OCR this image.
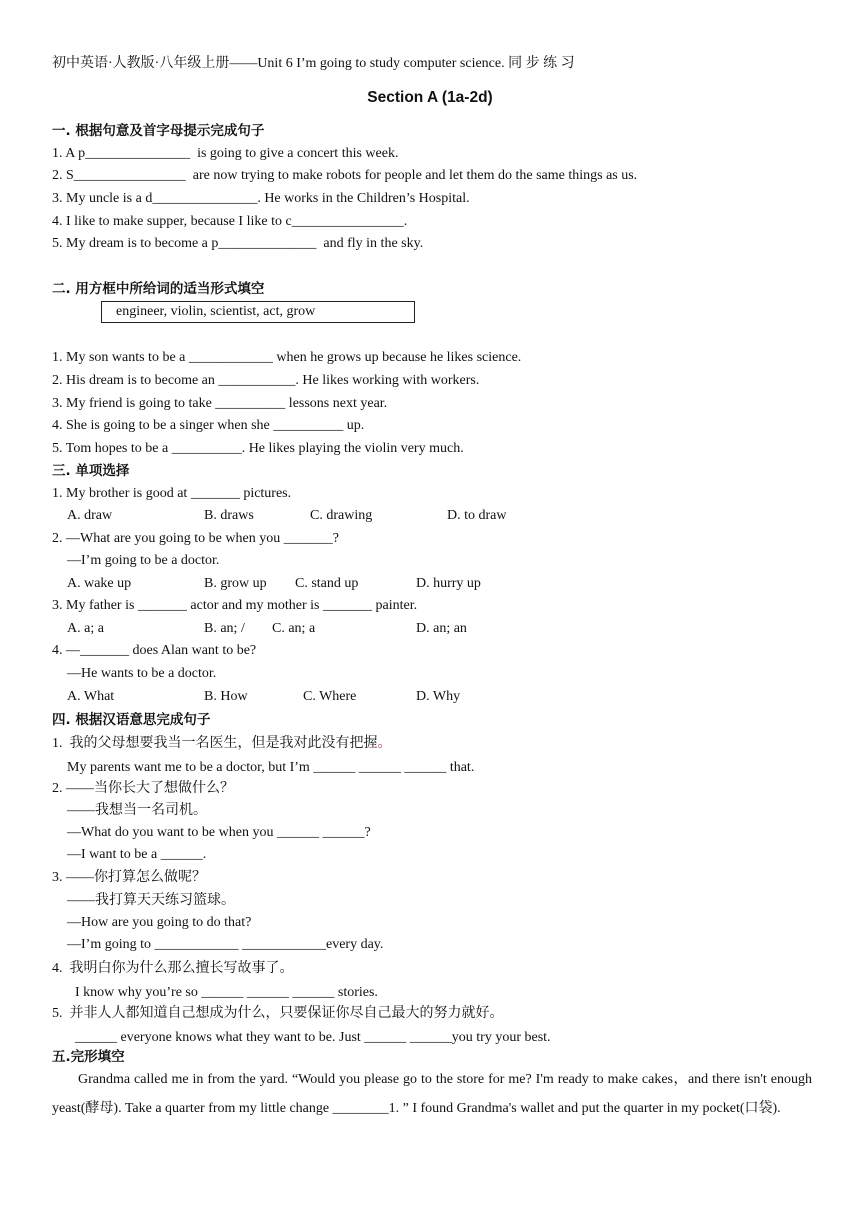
初中英语·人教版·八年级上册——Unit 6 I’m going to study computer science. 同 步 练 习
Section A (1a-2d)
一. 根据句意及首字母提示完成句子
1. A p_______________  is going to give a concert this week.
2. S________________  are now trying to make robots for people and let them do the same things as us.
3. My uncle is a d_______________. He works in the Children’s Hospital.
4. I like to make supper, because I like to c________________.
5. My dream is to become a p______________  and fly in the sky.
二. 用方框中所给词的适当形式填空
engineer, violin, scientist, act, grow
1. My son wants to be a ____________ when he grows up because he likes science.
2. His dream is to become an ___________. He likes working with workers.
3. My friend is going to take __________ lessons next year.
4. She is going to be a singer when she __________ up.
5. Tom hopes to be a __________. He likes playing the violin very much.
三. 单项选择
1. My brother is good at _______ pictures.
A. draw	B. draws	C. drawing	D. to draw
2. —What are you going to be when you _______?
—I’m going to be a doctor.
A. wake up	B. grow up C. stand up	D. hurry up
3. My father is _______ actor and my mother is _______ painter.
A. a; a	B. an; / C. an; a	D. an; an
4. —_______ does Alan want to be?
—He wants to be a doctor.
A. What	B. How	C. Where	D. Why
四. 根据汉语意思完成句子
1.  我的父母想要我当一名医生，但是我对此没有把握。
My parents want me to be a doctor, but I’m ______ ______ ______ that.
2. ——当你长大了想做什么？
——我想当一名司机。
—What do you want to be when you ______ ______?
—I want to be a ______.
3. ——你打算怎么做呢？
——我打算天天练习篮球。
—How are you going to do that?
—I’m going to ____________ ____________every day.
4.  我明白你为什么那么擅长写故事了。
I know why you’re so ______ ______ ______ stories.
5.  并非人人都知道自己想成为什么，只要保证你尽自己最大的努力就好。
______ everyone knows what they want to be. Just ______ ______you try your best.
五.完形填空
Grandma called me in from the yard. “Would you please go to the store for me? I'm ready to make cakes，and there isn't enough yeast(酵母). Take a quarter from my little change ________1. ” I found Grandma's wallet and put the quarter in my pocket(口袋).
